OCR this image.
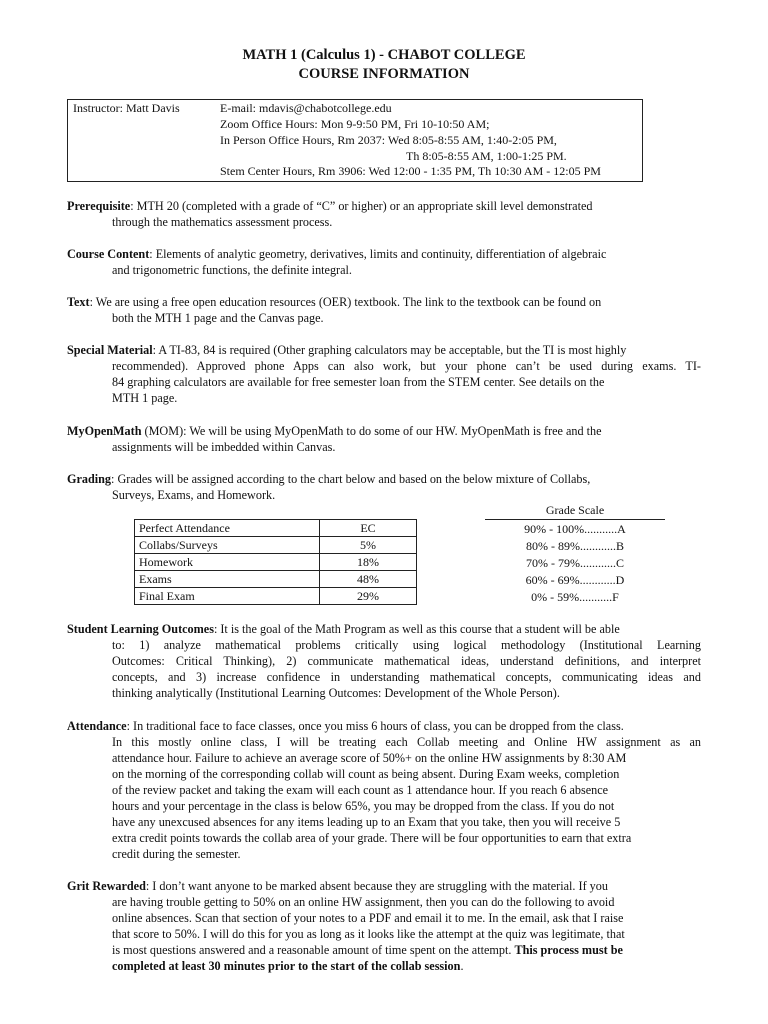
MATH 1 (Calculus 1) - CHABOT COLLEGE
COURSE INFORMATION
Instructor: Matt Davis	E-mail: mdavis@chabotcollege.edu
Zoom Office Hours: Mon 9-9:50 PM, Fri 10-10:50 AM;
In Person Office Hours, Rm 2037: Wed 8:05-8:55 AM, 1:40-2:05 PM,
Th 8:05-8:55 AM, 1:00-1:25 PM.
Stem Center Hours, Rm 3906: Wed 12:00 - 1:35 PM, Th 10:30 AM - 12:05 PM
Prerequisite: MTH 20 (completed with a grade of “C” or higher) or an appropriate skill level demonstrated
through the mathematics assessment process.
Course Content: Elements of analytic geometry, derivatives, limits and continuity, differentiation of algebraic
and trigonometric functions, the definite integral.
Text: We are using a free open education resources (OER) textbook. The link to the textbook can be found on
both the MTH 1 page and the Canvas page.
Special Material: A TI-83, 84 is required (Other graphing calculators may be acceptable, but the TI is most highly
recommended). Approved phone Apps can also work, but your phone can’t be used during exams. TI-
84 graphing calculators are available for free semester loan from the STEM center. See details on the
MTH 1 page.
MyOpenMath (MOM): We will be using MyOpenMath to do some of our HW. MyOpenMath is free and the
assignments will be imbedded within Canvas.
Grading: Grades will be assigned according to the chart below and based on the below mixture of Collabs,
Surveys, Exams, and Homework.
Perfect Attendance	EC
Collabs/Surveys	5%
Homework	18%
Exams	48%
Final Exam	29%
Grade Scale
90% - 100%...........A
80% - 89%............B
70% - 79%............C
60% - 69%............D
0% - 59%...........F
Student Learning Outcomes: It is the goal of the Math Program as well as this course that a student will be able
to: 1) analyze mathematical problems critically using logical methodology (Institutional Learning
Outcomes: Critical Thinking), 2) communicate mathematical ideas, understand definitions, and interpret
concepts, and 3) increase confidence in understanding mathematical concepts, communicating ideas and
thinking analytically (Institutional Learning Outcomes: Development of the Whole Person).
Attendance: In traditional face to face classes, once you miss 6 hours of class, you can be dropped from the class.
In this mostly online class, I will be treating each Collab meeting and Online HW assignment as an
attendance hour. Failure to achieve an average score of 50%+ on the online HW assignments by 8:30 AM
on the morning of the corresponding collab will count as being absent. During Exam weeks, completion
of the review packet and taking the exam will each count as 1 attendance hour. If you reach 6 absence
hours and your percentage in the class is below 65%, you may be dropped from the class. If you do not
have any unexcused absences for any items leading up to an Exam that you take, then you will receive 5
extra credit points towards the collab area of your grade. There will be four opportunities to earn that extra
credit during the semester.
Grit Rewarded: I don’t want anyone to be marked absent because they are struggling with the material. If you
are having trouble getting to 50% on an online HW assignment, then you can do the following to avoid
online absences. Scan that section of your notes to a PDF and email it to me. In the email, ask that I raise
that score to 50%. I will do this for you as long as it looks like the attempt at the quiz was legitimate, that
is most questions answered and a reasonable amount of time spent on the attempt. This process must be
completed at least 30 minutes prior to the start of the collab session.
